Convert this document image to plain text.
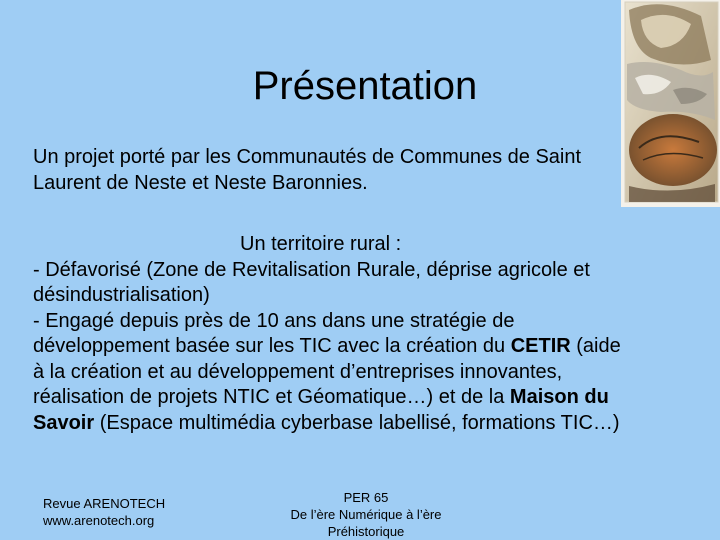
Présentation
Un projet porté par les Communautés de Communes de Saint Laurent de Neste et Neste Baronnies.
Un territoire rural :
- Défavorisé (Zone de Revitalisation Rurale, déprise agricole et désindustrialisation)
- Engagé depuis près de 10 ans dans une stratégie de développement basée sur les TIC avec la création du CETIR (aide à la création et au développement d’entreprises innovantes, réalisation de projets NTIC et Géomatique…) et de la Maison du Savoir (Espace multimédia cyberbase labellisé, formations TIC…)
Revue ARENOTECH
www.arenotech.org
PER 65
De l’ère Numérique à l’ère
Préhistorique
